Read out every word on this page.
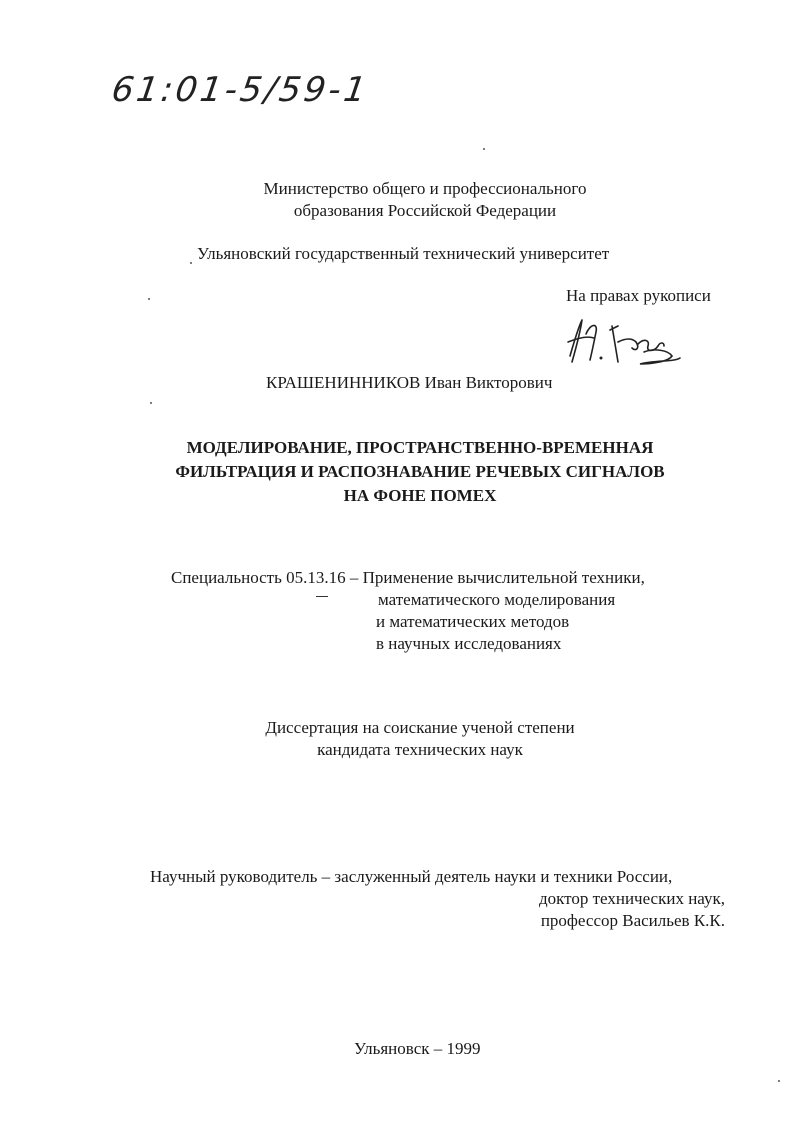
61:01-5/59-1
Министерство общего и профессионального
образования Российской Федерации
Ульяновский государственный технический университет
На правах рукописи
КРАШЕНИННИКОВ Иван Викторович
МОДЕЛИРОВАНИЕ, ПРОСТРАНСТВЕННО-ВРЕМЕННАЯ
ФИЛЬТРАЦИЯ И РАСПОЗНАВАНИЕ РЕЧЕВЫХ СИГНАЛОВ
НА ФОНЕ ПОМЕХ
Специальность 05.13.16 – Применение вычислительной техники,
математического моделирования
и математических методов
в научных исследованиях
Диссертация на соискание ученой степени
кандидата технических наук
Научный руководитель – заслуженный деятель науки и техники России,
доктор технических наук,
профессор Васильев К.К.
Ульяновск – 1999
